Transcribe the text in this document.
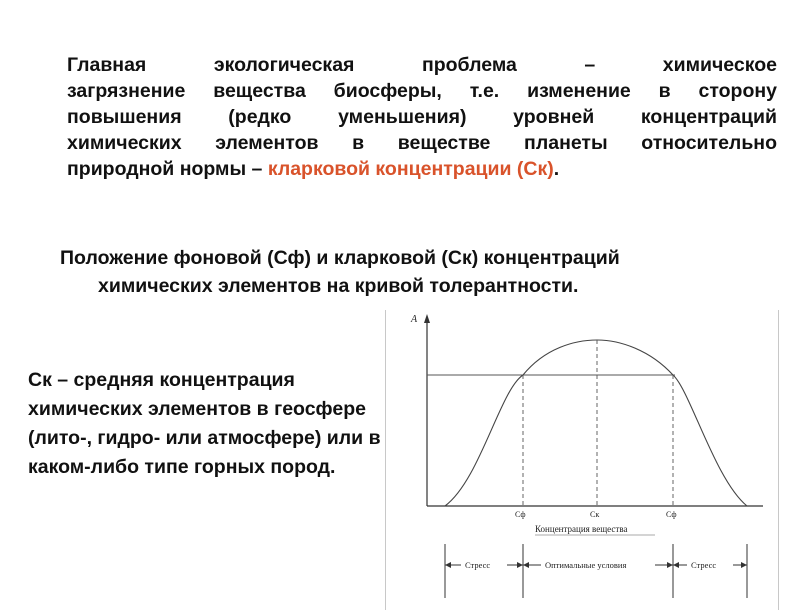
Главная экологическая проблема – химическое
загрязнение вещества биосферы, т.е. изменение в сторону
повышения (редко уменьшения) уровней концентраций
химических элементов в веществе планеты относительно
природной нормы – кларковой концентрации (Ск).
Положение фоновой (Сф) и кларковой (Ск) концентраций
химических элементов на кривой толерантности.
Ск – средняя концентрация химических элементов в геосфере (лито-, гидро- или атмосфере) или в каком-либо типе горных пород.
А
Сф	Ск	Сф
Концентрация вещества
Стресс	Оптимальные условия	Стресс
